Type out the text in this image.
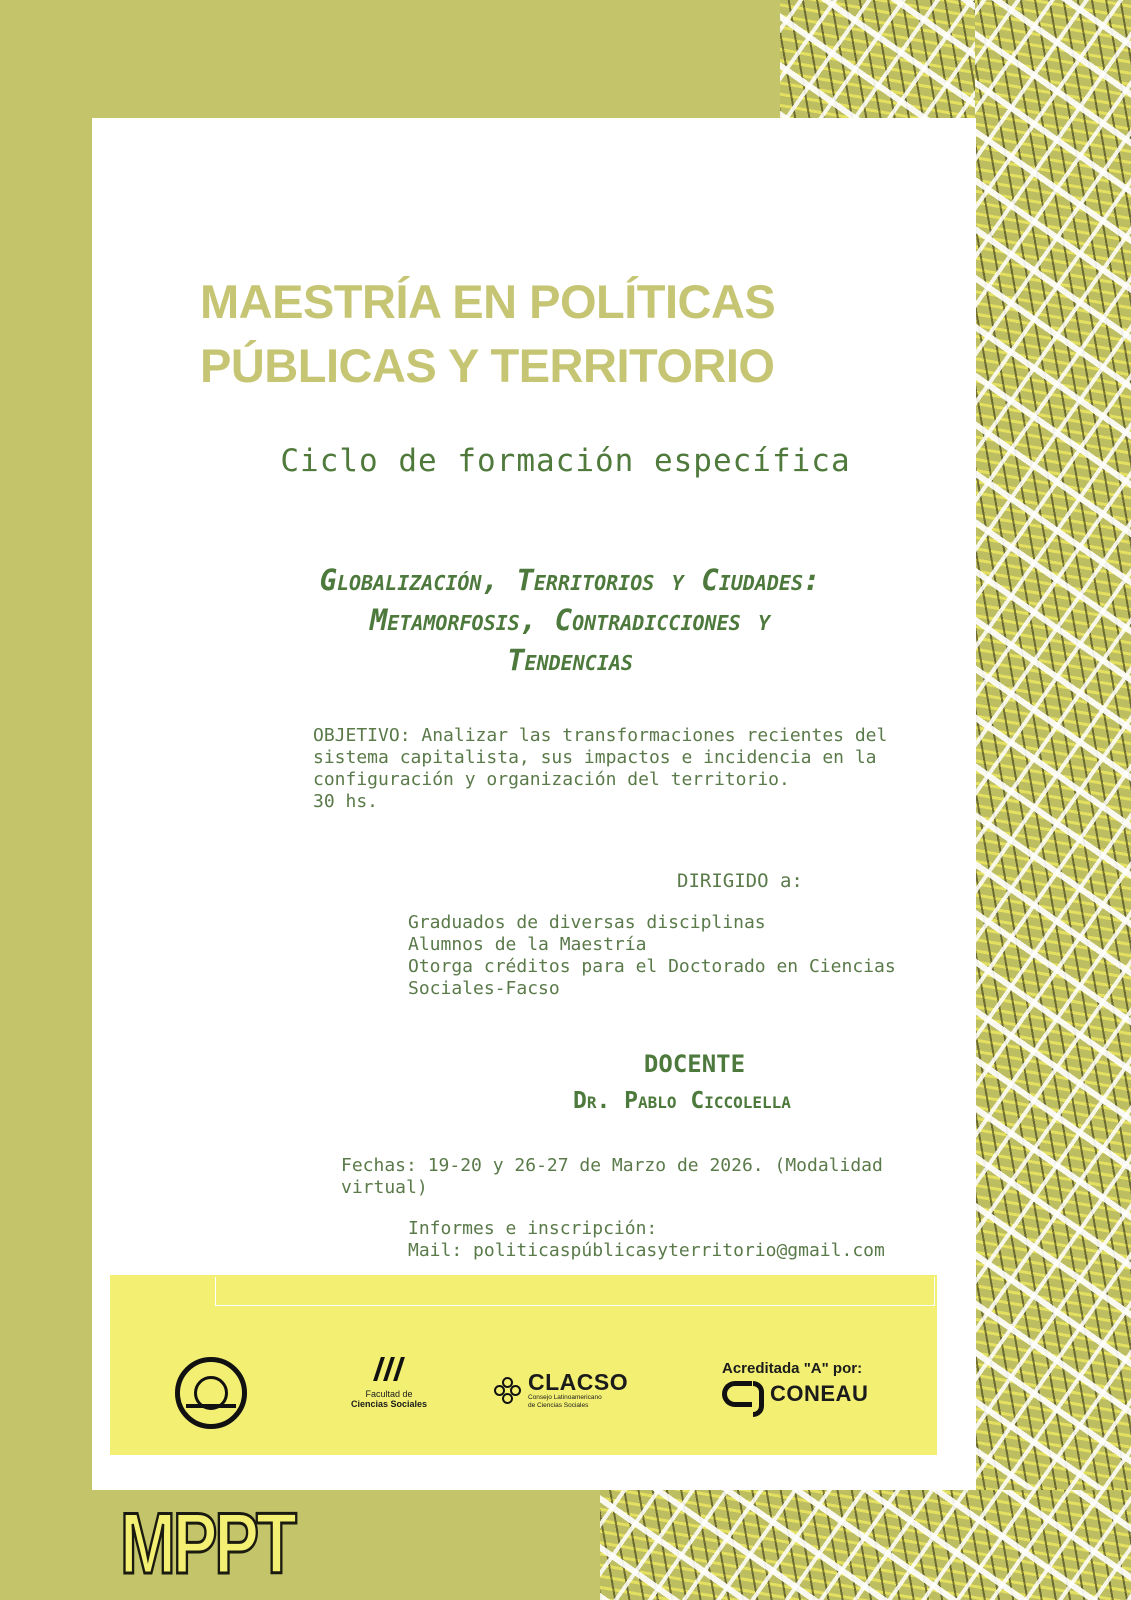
MAESTRÍA EN POLÍTICAS
PÚBLICAS Y TERRITORIO
Ciclo de formación específica
Globalización, Territorios y Ciudades:
Metamorfosis, Contradicciones y
Tendencias
OBJETIVO: Analizar las transformaciones recientes del
sistema capitalista, sus impactos e incidencia en la
configuración y organización del territorio.
30 hs.
DIRIGIDO a:
Graduados de diversas disciplinas
Alumnos de la Maestría
Otorga créditos para el Doctorado en Ciencias
Sociales-Facso
DOCENTE
Dr. Pablo Ciccolella
Fechas: 19-20 y 26-27 de Marzo de 2026. (Modalidad
virtual)
Informes e inscripción:
Mail: politicaspúblicasyterritorio@gmail.com
Facultad de
Ciencias Sociales
CLACSO
Consejo Latinoamericano
de Ciencias Sociales
Acreditada "A" por:
CONEAU
MPPT
